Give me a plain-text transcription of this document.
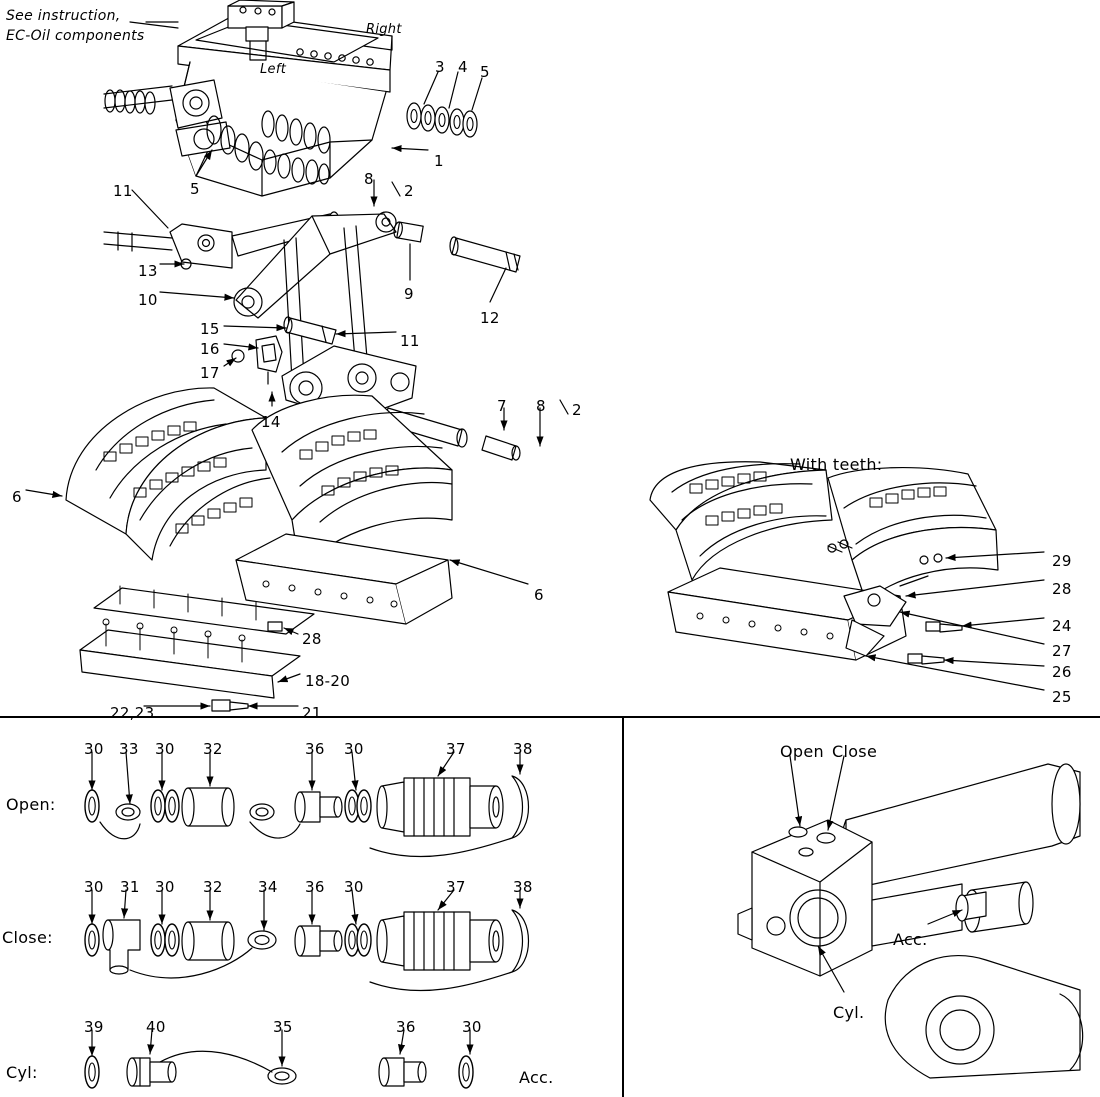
See instruction,
EC-Oil components	Right
Left
With teeth:
3 4 5
1
5
8
2
11
13
10	9
12
15
16
17
11
14
7 8 2
6
6
28
18-20
21
22,23
29
28
24
27
26
25
Open:
30 33 30 32	36 30	37	38
Close:
30 31 30 32 34 36 30	37	38
Cyl:
39	40	35	36	30
Acc.
Open Close
Acc.
Cyl.
